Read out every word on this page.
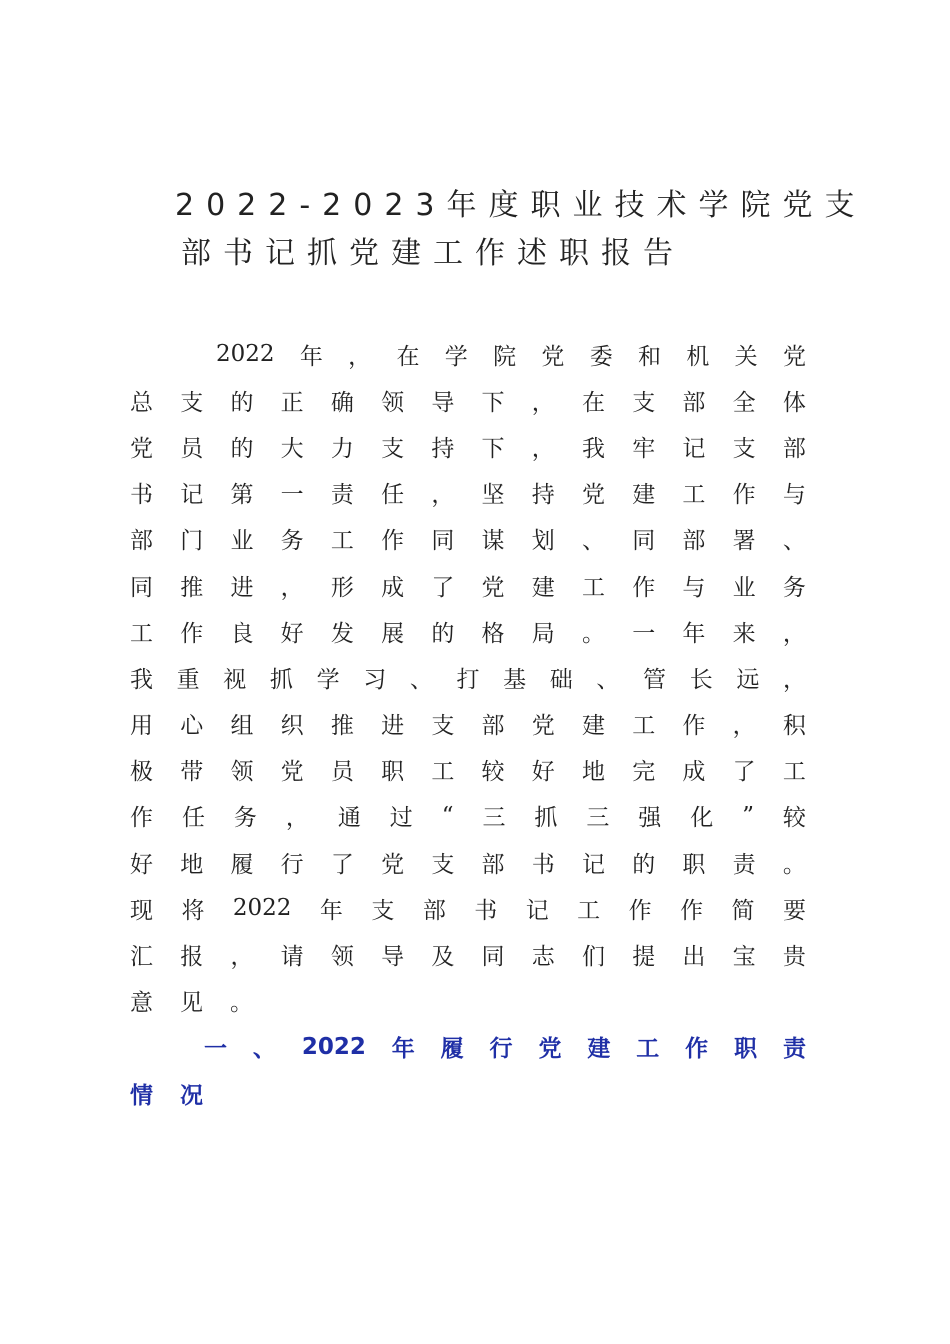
2022-2023年度职业技术学院党支
部书记抓党建工作述职报告
2022 年 ， 在 学 院 党 委 和 机 关 党
总 支 的 正 确 领 导 下 ， 在 支 部 全 体
党 员 的 大 力 支 持 下 ， 我 牢 记 支 部
书 记 第 一 责 任 ， 坚 持 党 建 工 作 与
部 门 业 务 工 作 同 谋 划 、 同 部 署 、
同 推 进 ， 形 成 了 党 建 工 作 与 业 务
工 作 良 好 发 展 的 格 局 。 一 年 来 ，
我 重 视 抓 学 习 、 打 基 础 、 管 长 远 ，
用 心 组 织 推 进 支 部 党 建 工 作 ， 积
极 带 领 党 员 职 工 较 好 地 完 成 了 工
作 任 务 ， 通 过 “ 三 抓 三 强 化 ” 较
好 地 履 行 了 党 支 部 书 记 的 职 责 。
现 将 2022 年 支 部 书 记 工 作 作 简 要
汇 报 ， 请 领 导 及 同 志 们 提 出 宝 贵
意 见 。
一 、 2022 年 履 行 党 建 工 作 职 责
情 况
